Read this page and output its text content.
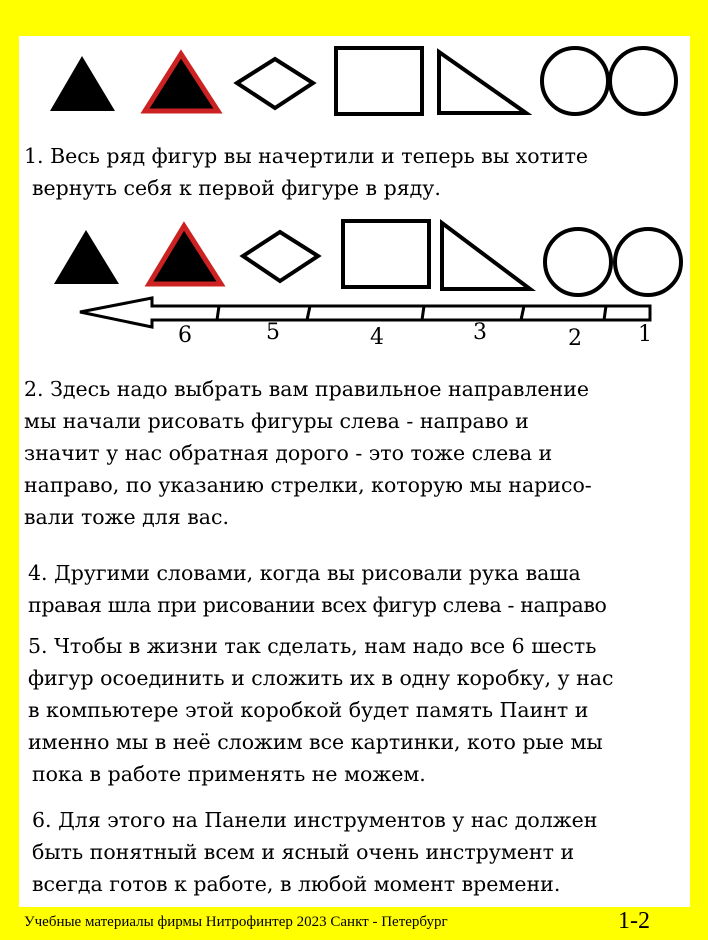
6	5	4	3	2	1
1. Весь ряд фигур вы начертили и теперь вы хотите
вернуть себя к первой фигуре в ряду.
2. Здесь надо выбрать вам правильное направление
мы начали рисовать фигуры слева - направо и
значит у нас обратная дорого - это тоже слева и
направо, по указанию стрелки, которую мы нарисо-
вали тоже для вас.
4. Другими словами, когда вы рисовали рука ваша
правая шла при рисовании всех фигур слева - направо
5. Чтобы в жизни так сделать, нам надо все 6 шесть
фигур осоединить и сложить их в одну коробку, у нас
в компьютере этой коробкой будет память Паинт и
именно мы в неё сложим все картинки, кото рые мы
пока в работе применять не можем.
6. Для этого на Панели инструментов у нас должен
быть понятный всем и ясный очень инструмент и
всегда готов к работе, в любой момент времени.
Учебные материалы фирмы Нитрофинтер 2023 Санкт - Петербург	1-2
